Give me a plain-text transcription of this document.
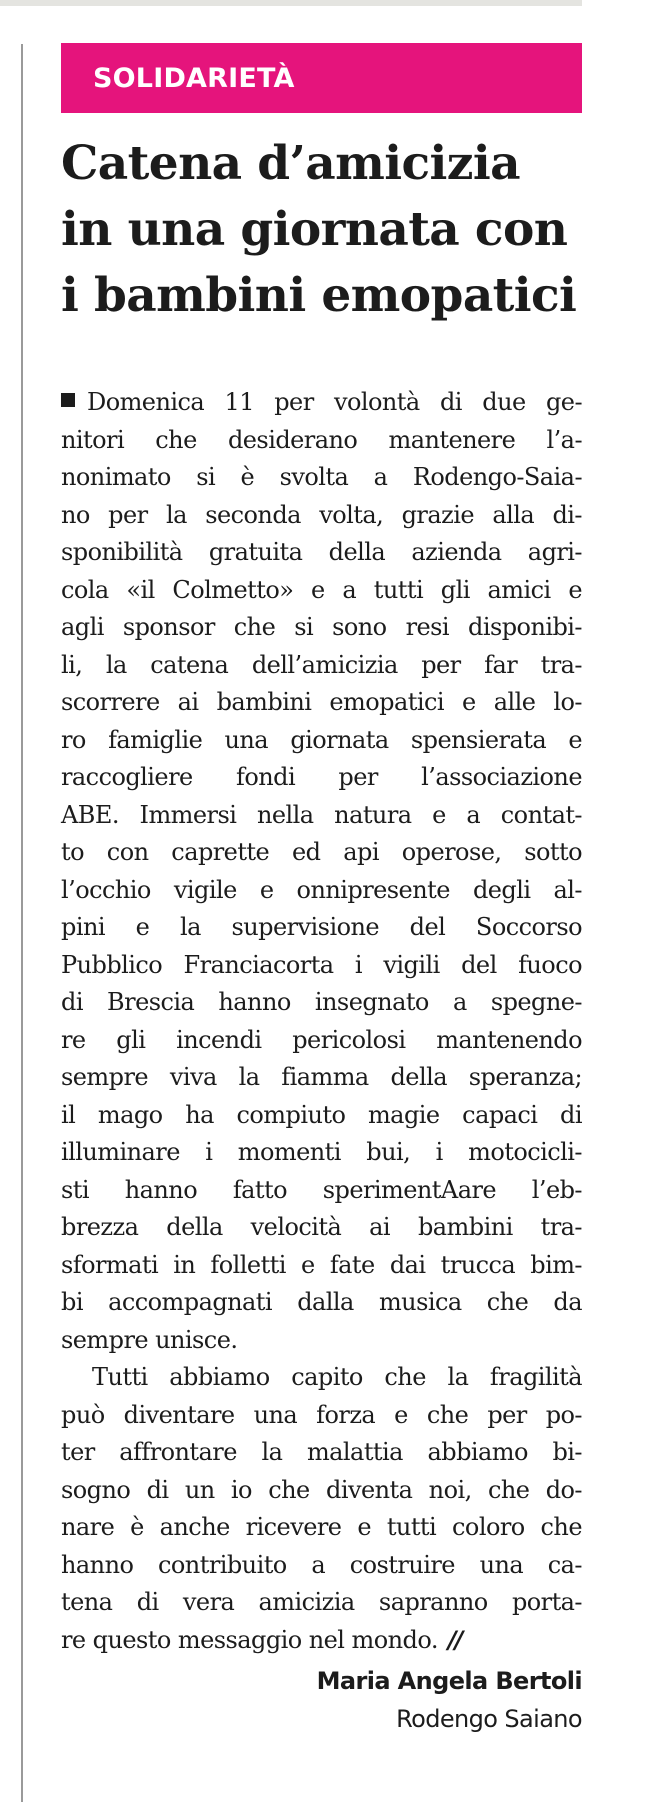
SOLIDARIETÀ
Catena d’amicizia
in una giornata con
i bambini emopatici
Domenica 11 per volontà di due ge-
nitori che desiderano mantenere l’a-
nonimato si è svolta a Rodengo-Saia-
no per la seconda volta, grazie alla di-
sponibilità gratuita della azienda agri-
cola «il Colmetto» e a tutti gli amici e
agli sponsor che si sono resi disponibi-
li, la catena dell’amicizia per far tra-
scorrere ai bambini emopatici e alle lo-
ro famiglie una giornata spensierata e
raccogliere fondi per l’associazione
ABE. Immersi nella natura e a contat-
to con caprette ed api operose, sotto
l’occhio vigile e onnipresente degli al-
pini e la supervisione del Soccorso
Pubblico Franciacorta i vigili del fuoco
di Brescia hanno insegnato a spegne-
re gli incendi pericolosi mantenendo
sempre viva la fiamma della speranza;
il mago ha compiuto magie capaci di
illuminare i momenti bui, i motocicli-
sti hanno fatto sperimentAare l’eb-
brezza della velocità ai bambini tra-
sformati in folletti e fate dai trucca bim-
bi accompagnati dalla musica che da
sempre unisce.
Tutti abbiamo capito che la fragilità
può diventare una forza e che per po-
ter affrontare la malattia abbiamo bi-
sogno di un io che diventa noi, che do-
nare è anche ricevere e tutti coloro che
hanno contribuito a costruire una ca-
tena di vera amicizia sapranno porta-
re questo messaggio nel mondo. //
Maria Angela Bertoli
Rodengo Saiano
